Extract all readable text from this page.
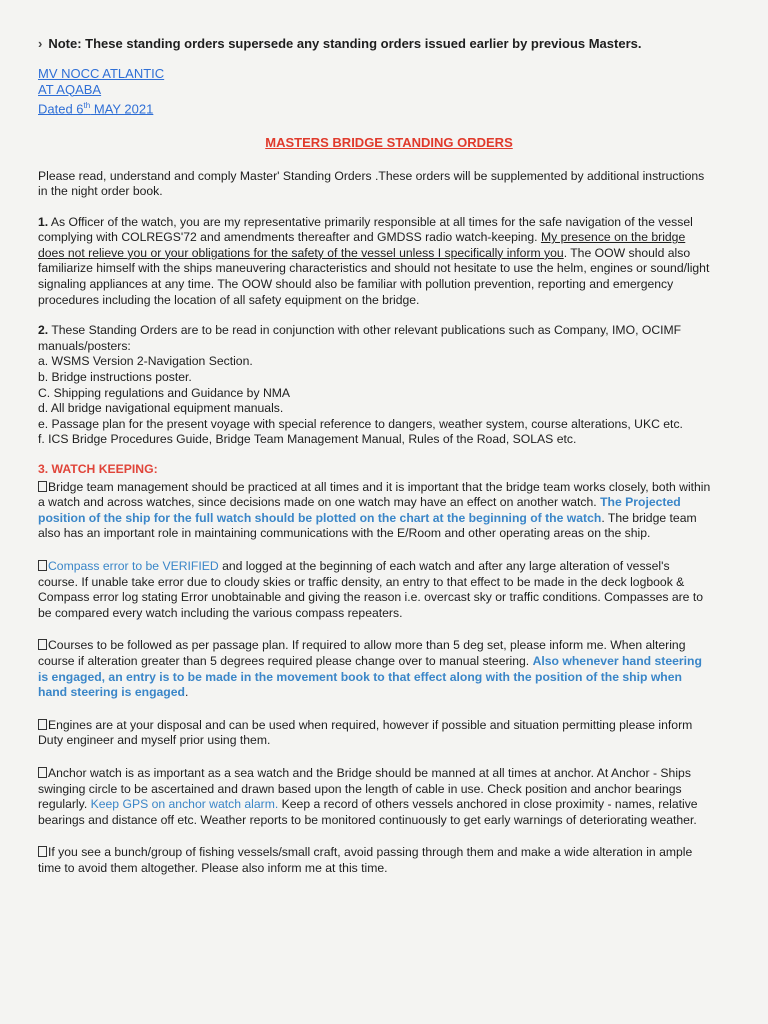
› Note: These standing orders supersede any standing orders issued earlier by previous Masters.
MV NOCC ATLANTIC
AT AQABA
Dated 6th MAY 2021
MASTERS BRIDGE STANDING ORDERS

Please read, understand and comply Master' Standing Orders .These orders will be supplemented by additional instructions in the night order book.

1. As Officer of the watch, you are my representative primarily responsible at all times for the safe navigation of the vessel complying with COLREGS'72 and amendments thereafter and GMDSS radio watch-keeping. My presence on the bridge does not relieve you or your obligations for the safety of the vessel unless I specifically inform you. The OOW should also familiarize himself with the ships maneuvering characteristics and should not hesitate to use the helm, engines or sound/light signaling appliances at any time. The OOW should also be familiar with pollution prevention, reporting and emergency procedures including the location of all safety equipment on the bridge.

2. These Standing Orders are to be read in conjunction with other relevant publications such as Company, IMO, OCIMF manuals/posters:

a. WSMS Version 2-Navigation Section.
b. Bridge instructions poster.
C. Shipping regulations and Guidance by NMA
d. All bridge navigational equipment manuals.
e. Passage plan for the present voyage with special reference to dangers, weather system, course alterations, UKC etc.
f. ICS Bridge Procedures Guide, Bridge Team Management Manual, Rules of the Road, SOLAS etc.
3. WATCH KEEPING:

Bridge team management should be practiced at all times and it is important that the bridge team works closely, both within a watch and across watches, since decisions made on one watch may have an effect on another watch. The Projected position of the ship for the full watch should be plotted on the chart at the beginning of the watch. The bridge team also has an important role in maintaining communications with the E/Room and other operating areas on the ship.

Compass error to be VERIFIED and logged at the beginning of each watch and after any large alteration of vessel's course. If unable take error due to cloudy skies or traffic density, an entry to that effect to be made in the deck logbook & Compass error log stating Error unobtainable and giving the reason i.e. overcast sky or traffic conditions. Compasses are to be compared every watch including the various compass repeaters.

Courses to be followed as per passage plan. If required to allow more than 5 deg set, please inform me. When altering course if alteration greater than 5 degrees required please change over to manual steering. Also whenever hand steering is engaged, an entry is to be made in the movement book to that effect along with the position of the ship when hand steering is engaged.

Engines are at your disposal and can be used when required, however if possible and situation permitting please inform Duty engineer and myself prior using them.

Anchor watch is as important as a sea watch and the Bridge should be manned at all times at anchor. At Anchor - Ships swinging circle to be ascertained and drawn based upon the length of cable in use. Check position and anchor bearings regularly. Keep GPS on anchor watch alarm. Keep a record of others vessels anchored in close proximity - names, relative bearings and distance off etc. Weather reports to be monitored continuously to get early warnings of deteriorating weather.

If you see a bunch/group of fishing vessels/small craft, avoid passing through them and make a wide alteration in ample time to avoid them altogether. Please also inform me at this time.
